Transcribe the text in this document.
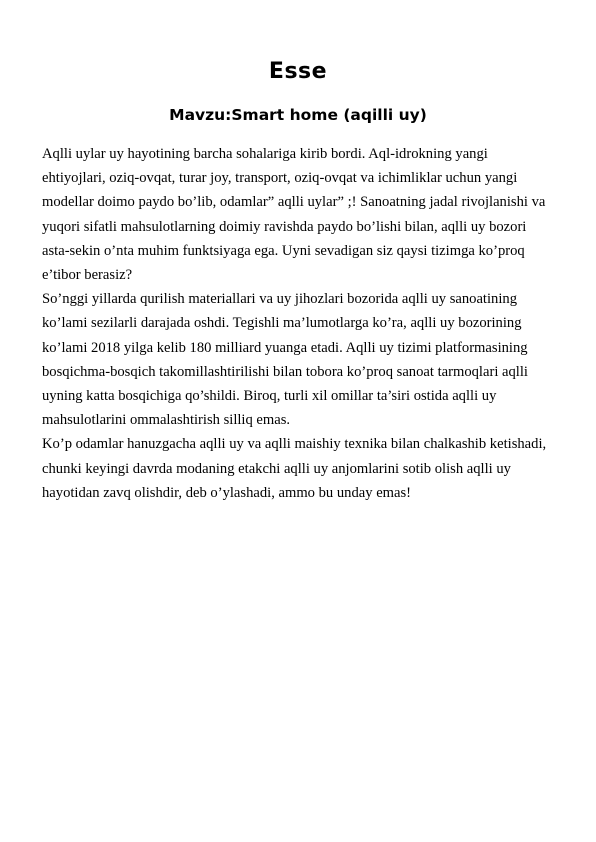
Esse
Mavzu:Smart home (aqilli uy)

Aqlli uylar uy hayotining barcha sohalariga kirib bordi. Aql-idrokning yangi ehtiyojlari, oziq-ovqat, turar joy, transport, oziq-ovqat va ichimliklar uchun yangi modellar doimo paydo bo’lib, odamlar” aqlli uylar” ;! Sanoatning jadal rivojlanishi va yuqori sifatli mahsulotlarning doimiy ravishda paydo bo’lishi bilan, aqlli uy bozori asta-sekin o’nta muhim funktsiyaga ega. Uyni sevadigan siz qaysi tizimga ko’proq e’tibor berasiz?

So’nggi yillarda qurilish materiallari va uy jihozlari bozorida aqlli uy sanoatining ko’lami sezilarli darajada oshdi. Tegishli ma’lumotlarga ko’ra, aqlli uy bozorining ko’lami 2018 yilga kelib 180 milliard yuanga etadi. Aqlli uy tizimi platformasining bosqichma-bosqich takomillashtirilishi bilan tobora ko’proq sanoat tarmoqlari aqlli uyning katta bosqichiga qo’shildi. Biroq, turli xil omillar ta’siri ostida aqlli uy mahsulotlarini ommalashtirish silliq emas.

Ko’p odamlar hanuzgacha aqlli uy va aqlli maishiy texnika bilan chalkashib ketishadi, chunki keyingi davrda modaning etakchi aqlli uy anjomlarini sotib olish aqlli uy hayotidan zavq olishdir, deb o’ylashadi, ammo bu unday emas!
